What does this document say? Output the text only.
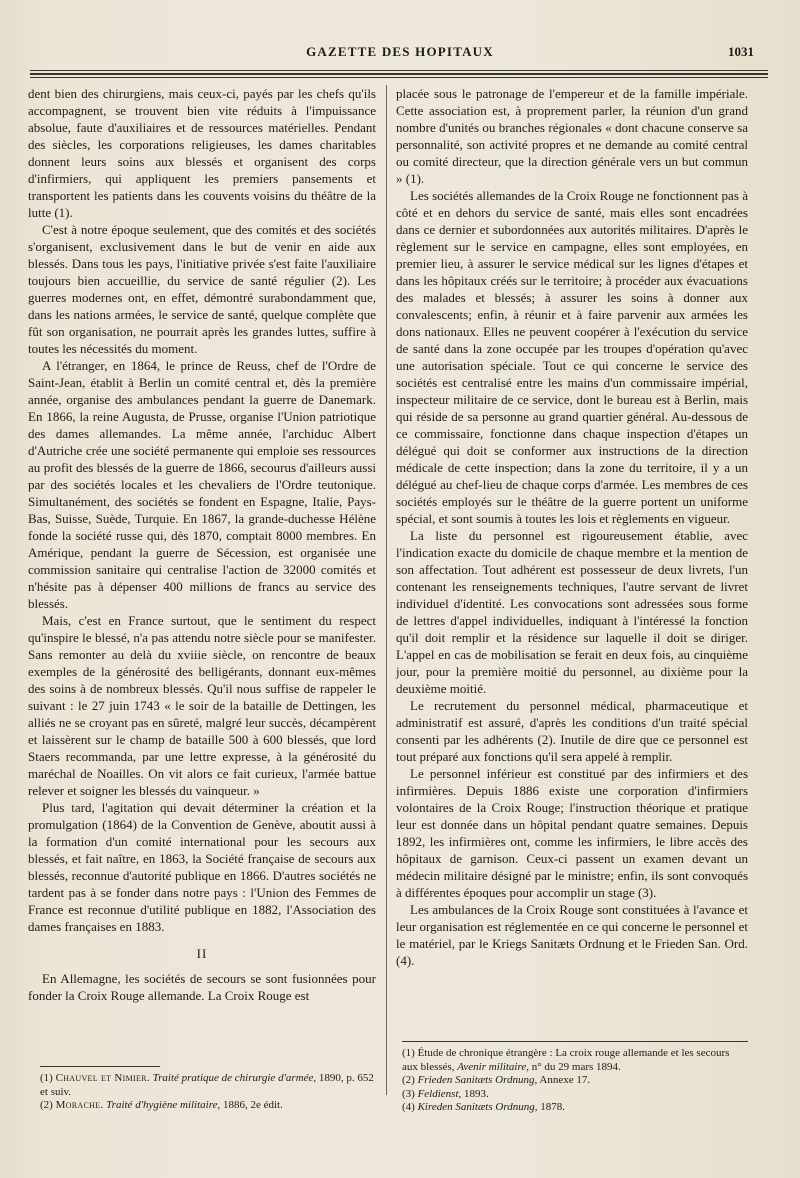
GAZETTE DES HOPITAUX	1031

dent bien des chirurgiens, mais ceux-ci, payés par les chefs qu'ils accompagnent, se trouvent bien vite réduits à l'impuissance absolue, faute d'auxiliaires et de ressources matérielles. Pendant des siècles, les corporations religieuses, les dames charitables donnent leurs soins aux blessés et organisent des corps d'infirmiers, qui appliquent les premiers pansements et transportent les patients dans les couvents voisins du théâtre de la lutte (1).

C'est à notre époque seulement, que des comités et des sociétés s'organisent, exclusivement dans le but de venir en aide aux blessés. Dans tous les pays, l'initiative privée s'est faite l'auxiliaire toujours bien accueillie, du service de santé régulier (2). Les guerres modernes ont, en effet, démontré surabondamment que, dans les nations armées, le service de santé, quelque complète que fût son organisation, ne pourrait après les grandes luttes, suffire à toutes les nécessités du moment.

A l'étranger, en 1864, le prince de Reuss, chef de l'Ordre de Saint-Jean, établit à Berlin un comité central et, dès la première année, organise des ambulances pendant la guerre de Danemark. En 1866, la reine Augusta, de Prusse, organise l'Union patriotique des dames allemandes. La même année, l'archiduc Albert d'Autriche crée une société permanente qui emploie ses ressources au profit des blessés de la guerre de 1866, secourus d'ailleurs aussi par des sociétés locales et les chevaliers de l'Ordre teutonique. Simultanément, des sociétés se fondent en Espagne, Italie, Pays-Bas, Suisse, Suède, Turquie. En 1867, la grande-duchesse Hélène fonde la société russe qui, dès 1870, comptait 8000 membres. En Amérique, pendant la guerre de Sécession, est organisée une commission sanitaire qui centralise l'action de 32000 comités et n'hésite pas à dépenser 400 millions de francs au service des blessés.

Mais, c'est en France surtout, que le sentiment du respect qu'inspire le blessé, n'a pas attendu notre siècle pour se manifester. Sans remonter au delà du xviiie siècle, on rencontre de beaux exemples de la générosité des belligérants, donnant eux-mêmes des soins à de nombreux blessés. Qu'il nous suffise de rappeler le suivant : le 27 juin 1743 « le soir de la bataille de Dettingen, les alliés ne se croyant pas en sûreté, malgré leur succès, décampèrent et laissèrent sur le champ de bataille 500 à 600 blessés, que lord Staers recommanda, par une lettre expresse, à la générosité du maréchal de Noailles. On vit alors ce fait curieux, l'armée battue relever et soigner les blessés du vainqueur. »

Plus tard, l'agitation qui devait déterminer la création et la promulgation (1864) de la Convention de Genève, aboutit aussi à la formation d'un comité international pour les secours aux blessés, et fait naître, en 1863, la Société française de secours aux blessés, reconnue d'autorité publique en 1866. D'autres sociétés ne tardent pas à se fonder dans notre pays : l'Union des Femmes de France est reconnue d'utilité publique en 1882, l'Association des dames françaises en 1883.

II

En Allemagne, les sociétés de secours se sont fusionnées pour fonder la Croix Rouge allemande. La Croix Rouge est

placée sous le patronage de l'empereur et de la famille impériale. Cette association est, à proprement parler, la réunion d'un grand nombre d'unités ou branches régionales « dont chacune conserve sa personnalité, son activité propres et ne demande au comité central ou comité directeur, que la direction générale vers un but commun » (1).

Les sociétés allemandes de la Croix Rouge ne fonctionnent pas à côté et en dehors du service de santé, mais elles sont encadrées dans ce dernier et subordonnées aux autorités militaires. D'après le règlement sur le service en campagne, elles sont employées, en premier lieu, à assurer le service médical sur les lignes d'étapes et dans les hôpitaux créés sur le territoire; à procéder aux évacuations des malades et blessés; à assurer les soins à donner aux convalescents; enfin, à réunir et à faire parvenir aux armées les dons nationaux. Elles ne peuvent coopérer à l'exécution du service de santé dans la zone occupée par les troupes d'opération qu'avec une autorisation spéciale. Tout ce qui concerne le service des sociétés est centralisé entre les mains d'un commissaire impérial, inspecteur militaire de ce service, dont le bureau est à Berlin, mais qui réside de sa personne au grand quartier général. Au-dessous de ce commissaire, fonctionne dans chaque inspection d'étapes un délégué qui doit se conformer aux instructions de la direction médicale de cette inspection; dans la zone du territoire, il y a un délégué au chef-lieu de chaque corps d'armée. Les membres de ces sociétés employés sur le théâtre de la guerre portent un uniforme spécial, et sont soumis à toutes les lois et règlements en vigueur.

La liste du personnel est rigoureusement établie, avec l'indication exacte du domicile de chaque membre et la mention de son affectation. Tout adhérent est possesseur de deux livrets, l'un contenant les renseignements techniques, l'autre servant de livret individuel d'identité. Les convocations sont adressées sous forme de lettres d'appel individuelles, indiquant à l'intéressé la fonction qu'il doit remplir et la résidence sur laquelle il doit se diriger. L'appel en cas de mobilisation se ferait en deux fois, au cinquième jour, pour la première moitié du personnel, au dixième pour la deuxième moitié.

Le recrutement du personnel médical, pharmaceutique et administratif est assuré, d'après les conditions d'un traité spécial consenti par les adhérents (2). Inutile de dire que ce personnel est tout préparé aux fonctions qu'il sera appelé à remplir.

Le personnel inférieur est constitué par des infirmiers et des infirmières. Depuis 1886 existe une corporation d'infirmiers volontaires de la Croix Rouge; l'instruction théorique et pratique leur est donnée dans un hôpital pendant quatre semaines. Depuis 1892, les infirmières ont, comme les infirmiers, le libre accès des hôpitaux de garnison. Ceux-ci passent un examen devant un médecin militaire désigné par le ministre; enfin, ils sont convoqués à différentes époques pour accomplir un stage (3).

Les ambulances de la Croix Rouge sont constituées à l'avance et leur organisation est réglementée en ce qui concerne le personnel et le matériel, par le Kriegs Sanitæts Ordnung et le Frieden San. Ord. (4).

(1) Chauvel et Nimier. Traité pratique de chirurgie d'armée, 1890, p. 652 et suiv.
(2) Morache. Traité d'hygiène militaire, 1886, 2e édit.
(1) Étude de chronique étrangère : La croix rouge allemande et les secours aux blessés, Avenir militaire, n° du 29 mars 1894.
(2) Frieden Sanitæts Ordnung, Annexe 17.
(3) Feldienst, 1893.
(4) Kireden Sanitæts Ordnung, 1878.
